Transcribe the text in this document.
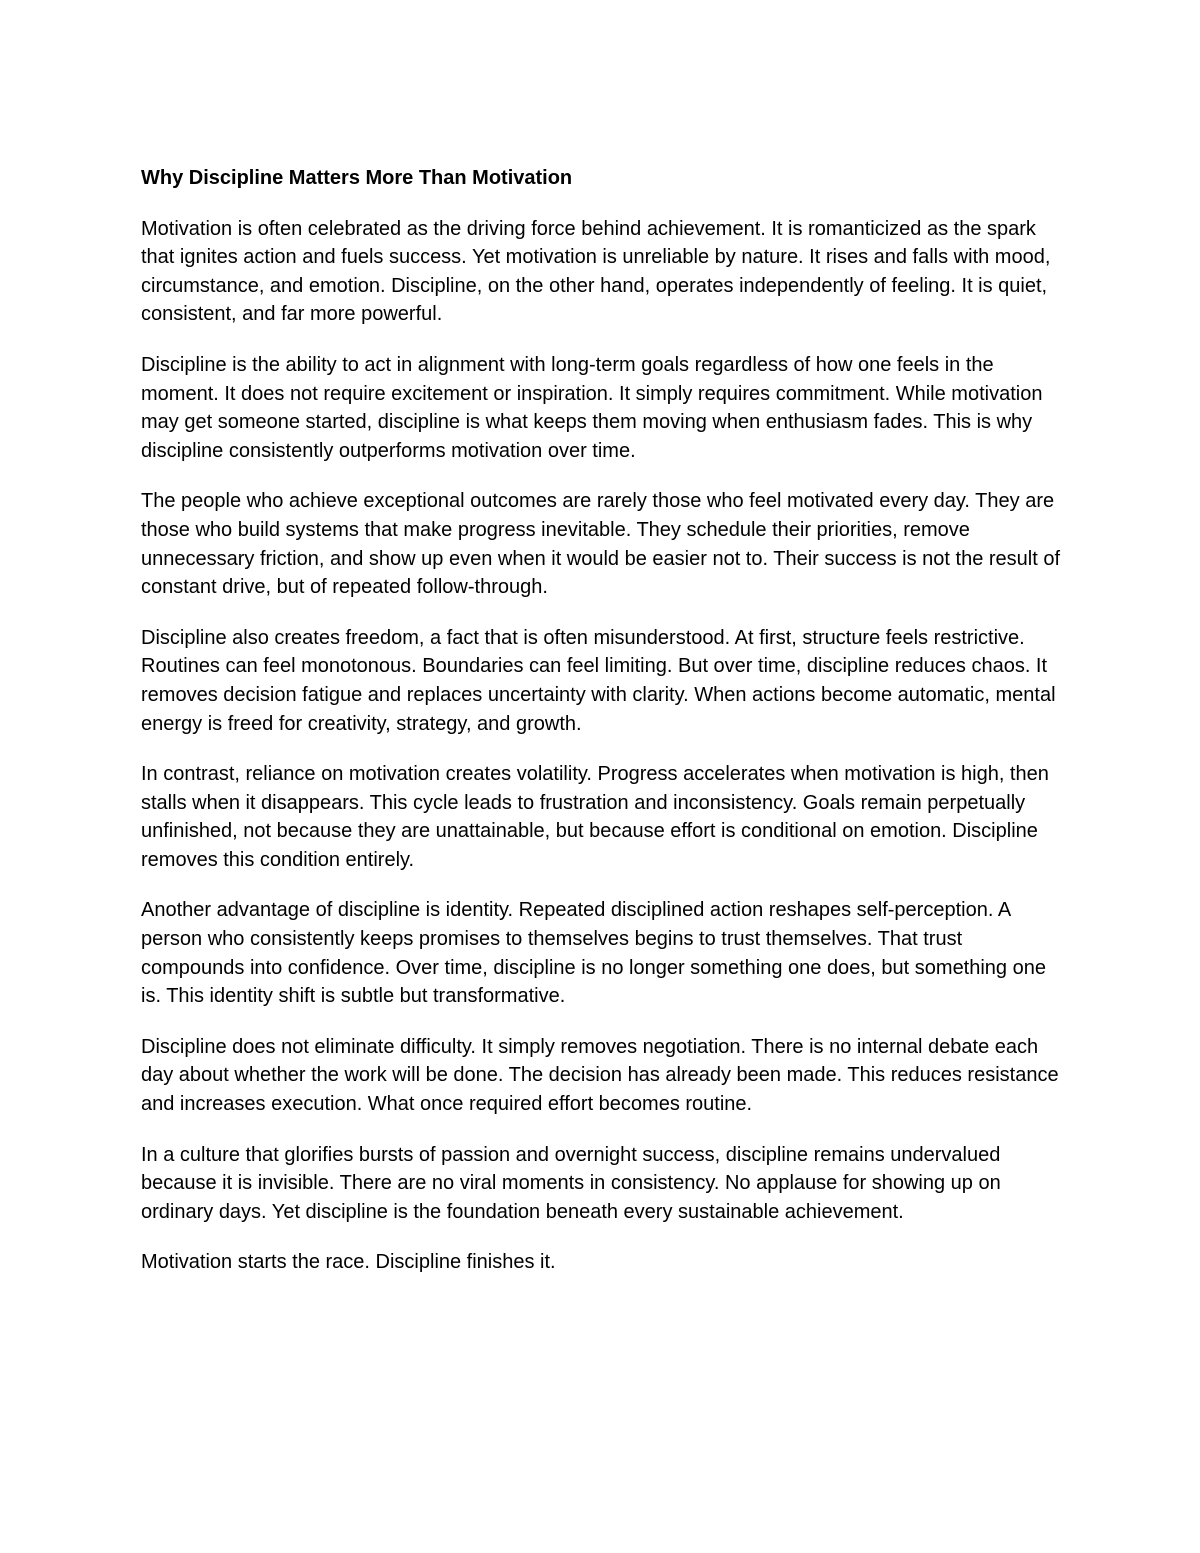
Why Discipline Matters More Than Motivation

Motivation is often celebrated as the driving force behind achievement. It is romanticized as the spark that ignites action and fuels success. Yet motivation is unreliable by nature. It rises and falls with mood, circumstance, and emotion. Discipline, on the other hand, operates independently of feeling. It is quiet, consistent, and far more powerful.

Discipline is the ability to act in alignment with long-term goals regardless of how one feels in the moment. It does not require excitement or inspiration. It simply requires commitment. While motivation may get someone started, discipline is what keeps them moving when enthusiasm fades. This is why discipline consistently outperforms motivation over time.

The people who achieve exceptional outcomes are rarely those who feel motivated every day. They are those who build systems that make progress inevitable. They schedule their priorities, remove unnecessary friction, and show up even when it would be easier not to. Their success is not the result of constant drive, but of repeated follow-through.

Discipline also creates freedom, a fact that is often misunderstood. At first, structure feels restrictive. Routines can feel monotonous. Boundaries can feel limiting. But over time, discipline reduces chaos. It removes decision fatigue and replaces uncertainty with clarity. When actions become automatic, mental energy is freed for creativity, strategy, and growth.

In contrast, reliance on motivation creates volatility. Progress accelerates when motivation is high, then stalls when it disappears. This cycle leads to frustration and inconsistency. Goals remain perpetually unfinished, not because they are unattainable, but because effort is conditional on emotion. Discipline removes this condition entirely.

Another advantage of discipline is identity. Repeated disciplined action reshapes self-perception. A person who consistently keeps promises to themselves begins to trust themselves. That trust compounds into confidence. Over time, discipline is no longer something one does, but something one is. This identity shift is subtle but transformative.

Discipline does not eliminate difficulty. It simply removes negotiation. There is no internal debate each day about whether the work will be done. The decision has already been made. This reduces resistance and increases execution. What once required effort becomes routine.

In a culture that glorifies bursts of passion and overnight success, discipline remains undervalued because it is invisible. There are no viral moments in consistency. No applause for showing up on ordinary days. Yet discipline is the foundation beneath every sustainable achievement.

Motivation starts the race. Discipline finishes it.
